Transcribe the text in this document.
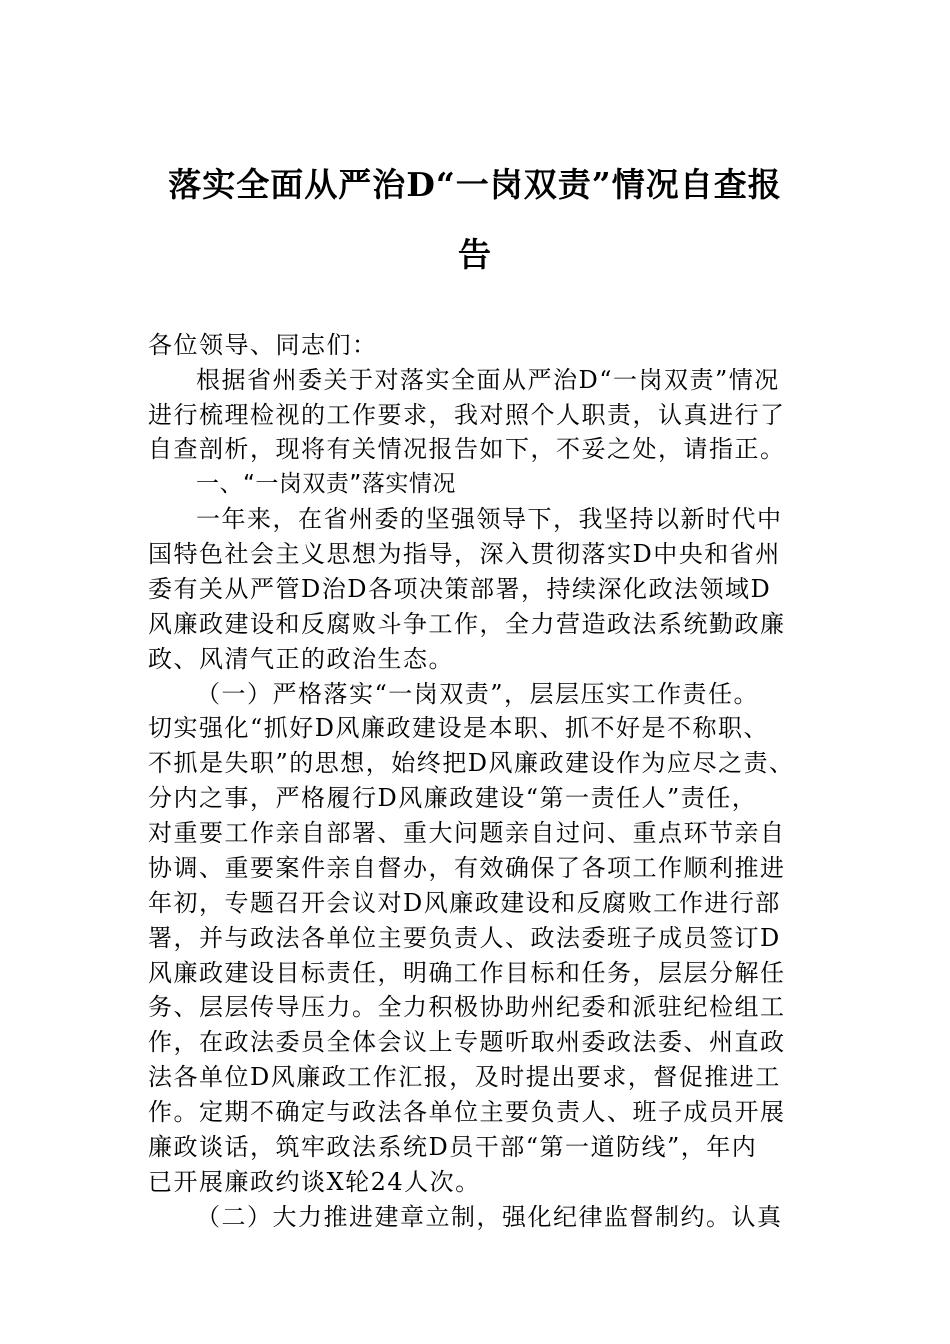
落实全面从严治D“一岗双责”情况自查报
告
各位领导、同志们：
根据省州委关于对落实全面从严治D“一岗双责”情况
进行梳理检视的工作要求，我对照个人职责，认真进行了
自查剖析，现将有关情况报告如下，不妥之处，请指正。
一、“一岗双责”落实情况
一年来，在省州委的坚强领导下，我坚持以新时代中
国特色社会主义思想为指导，深入贯彻落实D中央和省州
委有关从严管D治D各项决策部署，持续深化政法领域D
风廉政建设和反腐败斗争工作，全力营造政法系统勤政廉
政、风清气正的政治生态。
（一）严格落实“一岗双责”，层层压实工作责任。
切实强化“抓好D风廉政建设是本职、抓不好是不称职、
不抓是失职”的思想，始终把D风廉政建设作为应尽之责、
分内之事，严格履行D风廉政建设“第一责任人”责任，
对重要工作亲自部署、重大问题亲自过问、重点环节亲自
协调、重要案件亲自督办，有效确保了各项工作顺利推进
年初，专题召开会议对D风廉政建设和反腐败工作进行部
署，并与政法各单位主要负责人、政法委班子成员签订D
风廉政建设目标责任，明确工作目标和任务，层层分解任
务、层层传导压力。全力积极协助州纪委和派驻纪检组工
作，在政法委员全体会议上专题听取州委政法委、州直政
法各单位D风廉政工作汇报，及时提出要求，督促推进工
作。定期不确定与政法各单位主要负责人、班子成员开展
廉政谈话，筑牢政法系统D员干部“第一道防线”，年内
已开展廉政约谈X轮24人次。
（二）大力推进建章立制，强化纪律监督制约。认真
